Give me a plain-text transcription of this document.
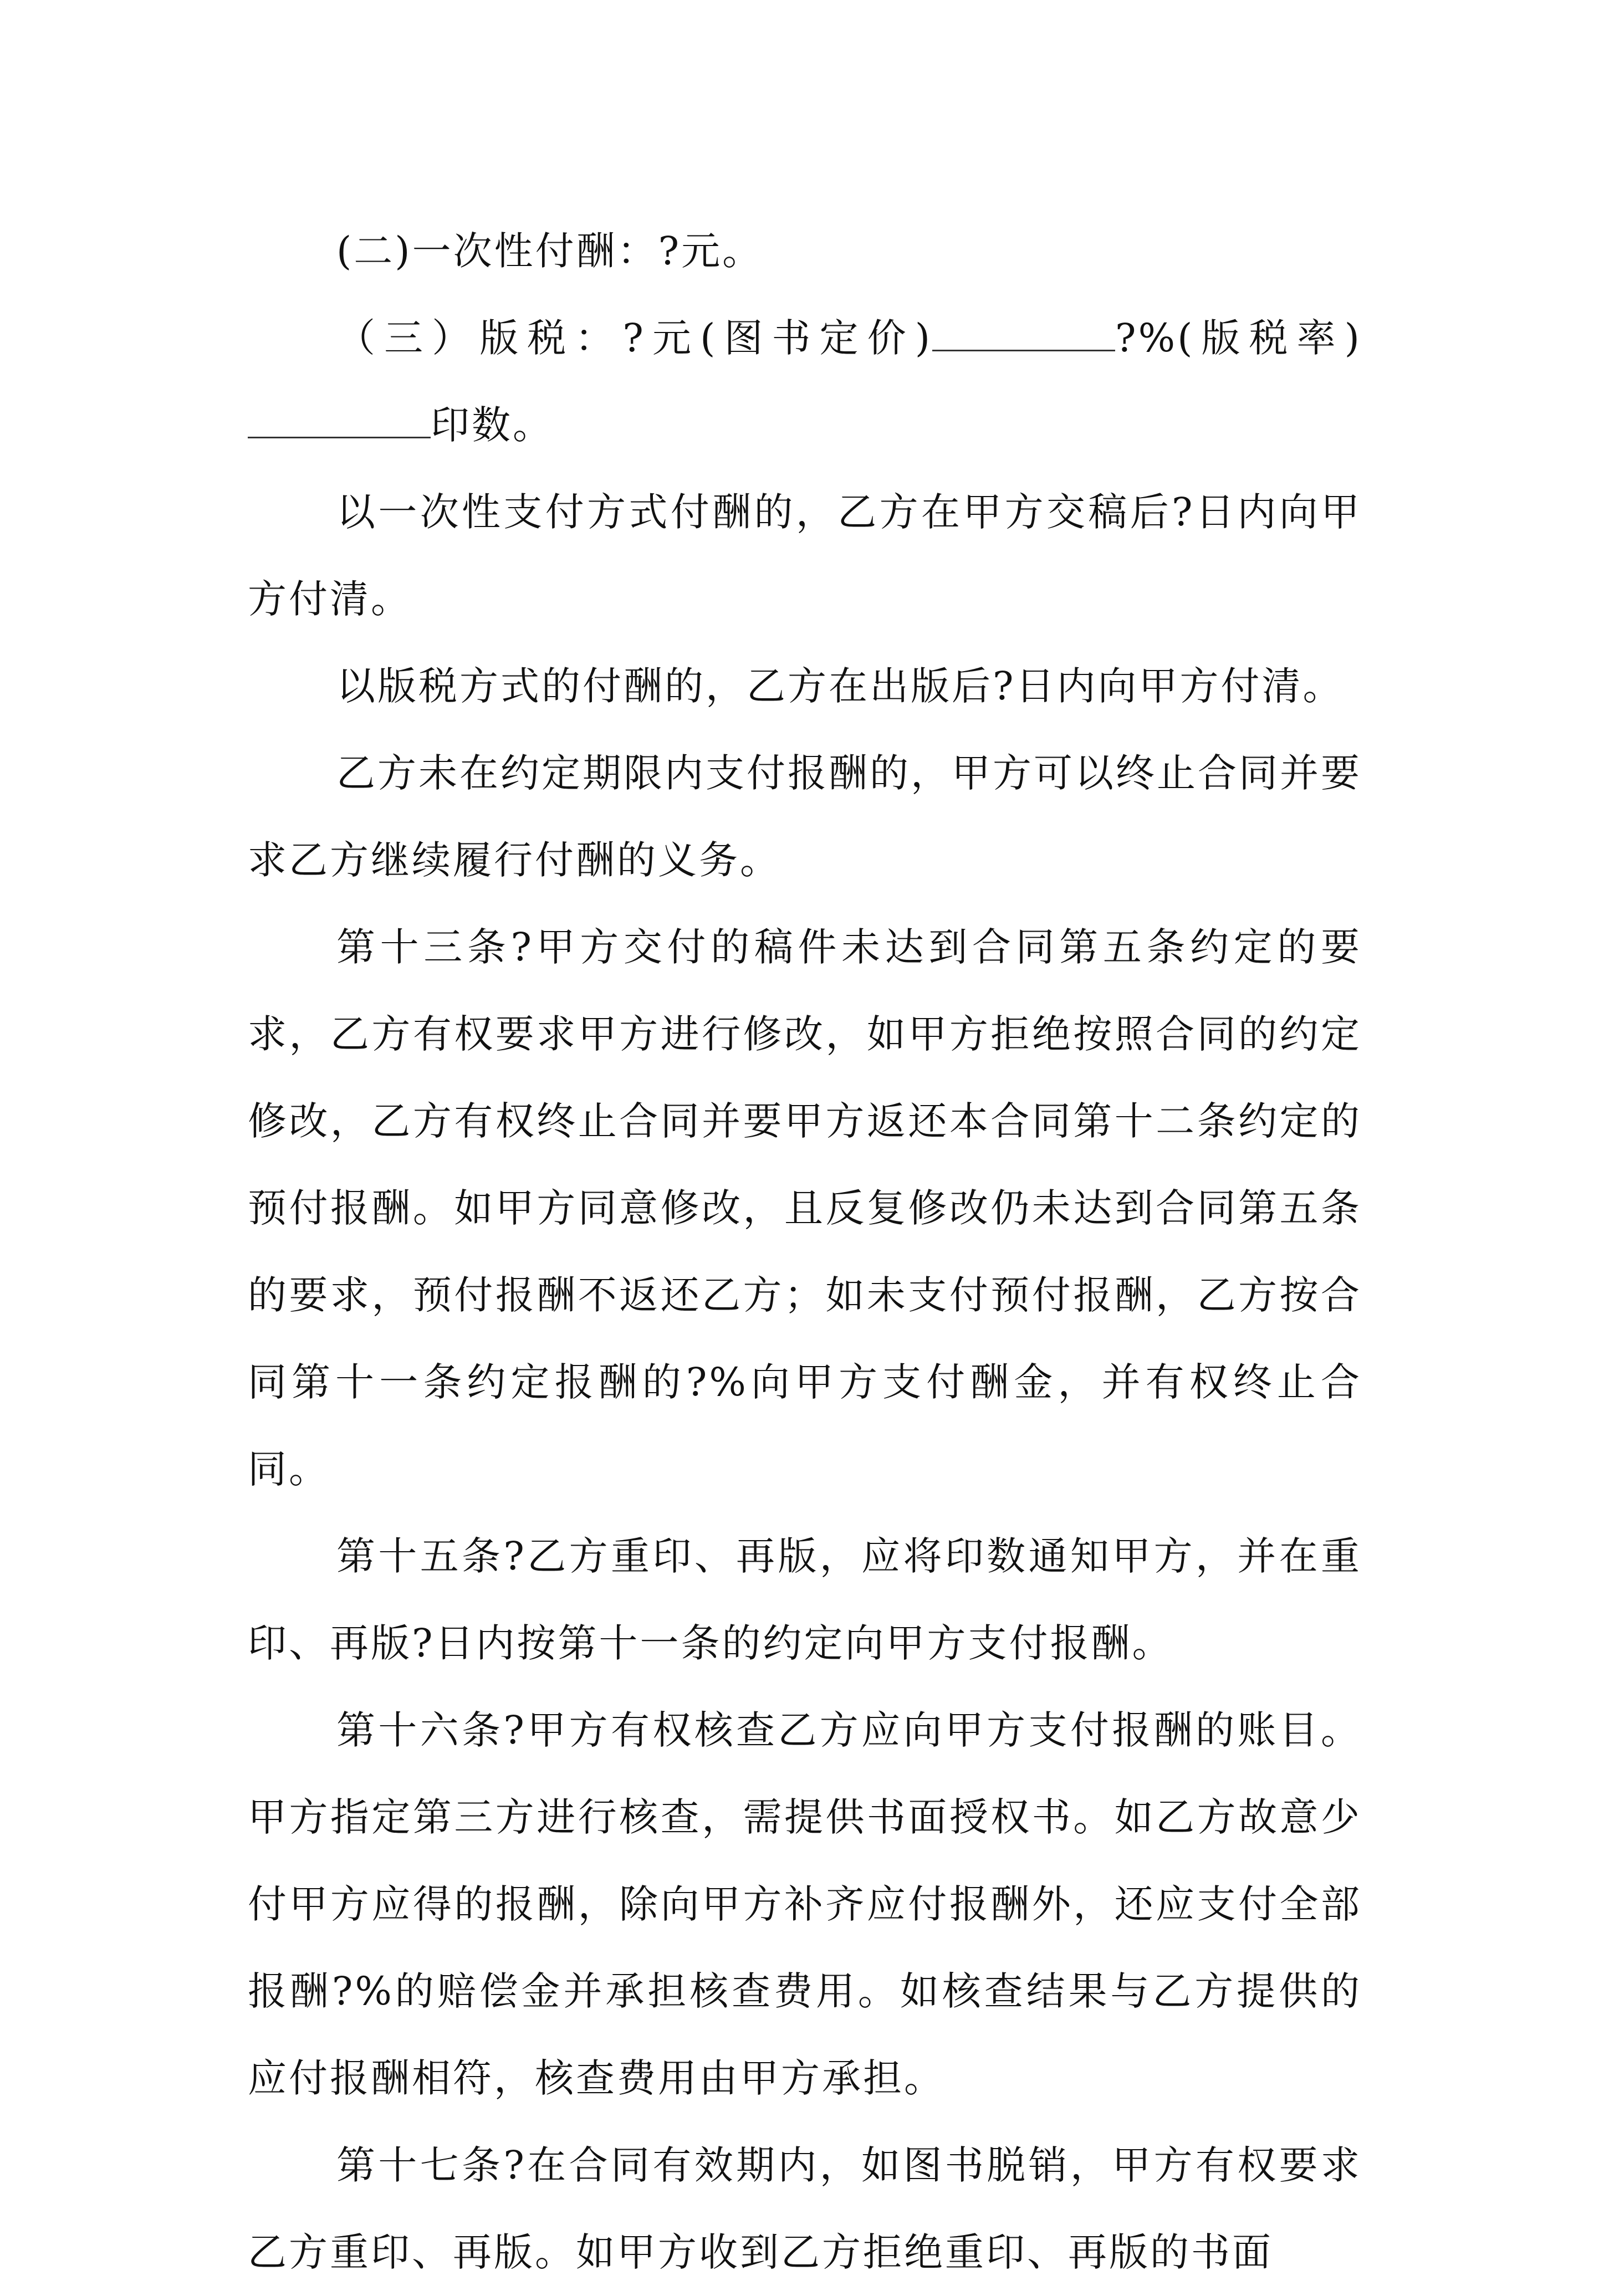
(二)一次性付酬：?元。

（三）版税：?元(图书定价)	?%(版税率)印数。

以一次性支付方式付酬的，乙方在甲方交稿后?日内向甲方付清。

以版税方式的付酬的，乙方在出版后?日内向甲方付清。

乙方未在约定期限内支付报酬的，甲方可以终止合同并要求乙方继续履行付酬的义务。

第十三条?甲方交付的稿件未达到合同第五条约定的要求，乙方有权要求甲方进行修改，如甲方拒绝按照合同的约定修改，乙方有权终止合同并要甲方返还本合同第十二条约定的预付报酬。如甲方同意修改，且反复修改仍未达到合同第五条的要求，预付报酬不返还乙方；如未支付预付报酬，乙方按合同第十一条约定报酬的?%向甲方支付酬金，并有权终止合同。

第十五条?乙方重印、再版，应将印数通知甲方，并在重印、再版?日内按第十一条的约定向甲方支付报酬。

第十六条?甲方有权核查乙方应向甲方支付报酬的账目。甲方指定第三方进行核查，需提供书面授权书。如乙方故意少付甲方应得的报酬，除向甲方补齐应付报酬外，还应支付全部报酬?%的赔偿金并承担核查费用。如核查结果与乙方提供的应付报酬相符，核查费用由甲方承担。

第十七条?在合同有效期内，如图书脱销，甲方有权要求乙方重印、再版。如甲方收到乙方拒绝重印、再版的书面
